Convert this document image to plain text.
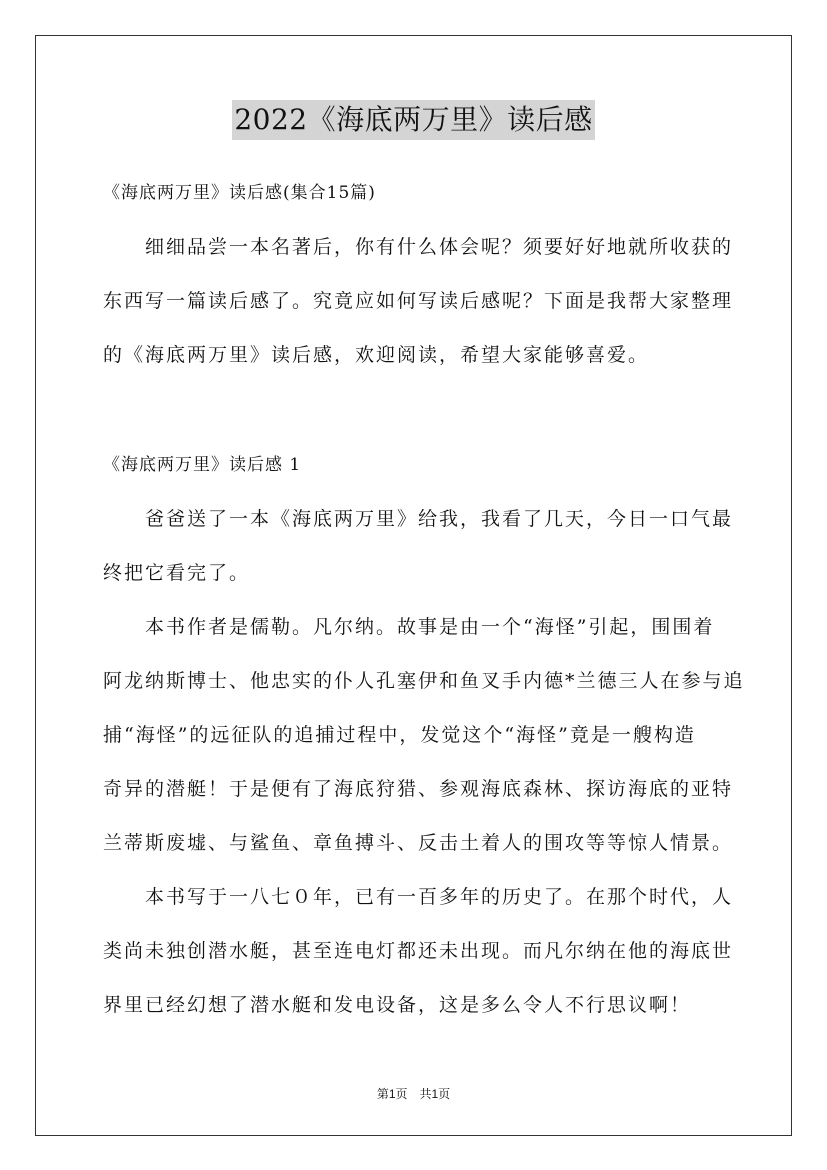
2022《海底两万里》读后感
《海底两万里》读后感(集合15篇)
　　细细品尝一本名著后，你有什么体会呢？须要好好地就所收获的
东西写一篇读后感了。究竟应如何写读后感呢？下面是我帮大家整理
的《海底两万里》读后感，欢迎阅读，希望大家能够喜爱。
《海底两万里》读后感 1
　　爸爸送了一本《海底两万里》给我，我看了几天，今日一口气最
终把它看完了。
　　本书作者是儒勒。凡尔纳。故事是由一个“海怪”引起，围围着
阿龙纳斯博士、他忠实的仆人孔塞伊和鱼叉手内德*兰德三人在参与追
捕“海怪”的远征队的追捕过程中，发觉这个“海怪”竟是一艘构造
奇异的潜艇！于是便有了海底狩猎、参观海底森林、探访海底的亚特
兰蒂斯废墟、与鲨鱼、章鱼搏斗、反击土着人的围攻等等惊人情景。
　　本书写于一八七０年，已有一百多年的历史了。在那个时代，人
类尚未独创潜水艇，甚至连电灯都还未出现。而凡尔纳在他的海底世
界里已经幻想了潜水艇和发电设备，这是多么令人不行思议啊！
第1页　共1页
